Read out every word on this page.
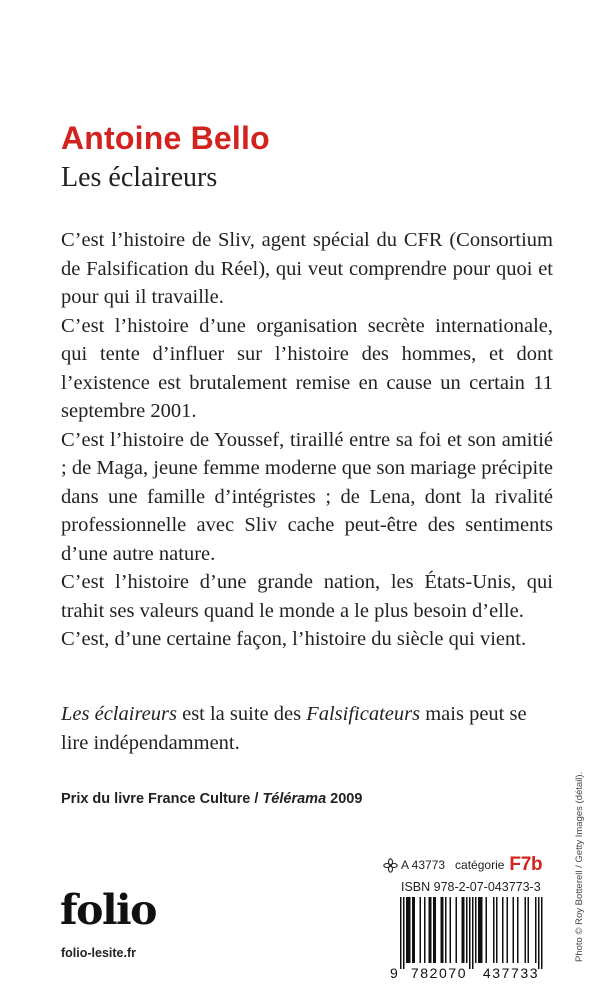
Antoine Bello
Les éclaireurs

C’est l’histoire de Sliv, agent spécial du CFR (Consortium de Falsification du Réel), qui veut comprendre pour quoi et pour qui il travaille.

C’est l’histoire d’une organisation secrète internationale, qui tente d’influer sur l’histoire des hommes, et dont l’existence est brutalement remise en cause un certain 11 septembre 2001.

C’est l’histoire de Youssef, tiraillé entre sa foi et son amitié ; de Maga, jeune femme moderne que son mariage précipite dans une famille d’intégristes ; de Lena, dont la rivalité professionnelle avec Sliv cache peut-être des sentiments d’une autre nature.

C’est l’histoire d’une grande nation, les États-Unis, qui trahit ses valeurs quand le monde a le plus besoin d’elle.

C’est, d’une certaine façon, l’histoire du siècle qui vient.

Les éclaireurs est la suite des Falsificateurs mais peut se lire indépendamment.
Prix du livre France Culture / Télérama 2009
A 43773 catégorie F7b
ISBN 978-2-07-043773-3
9 782070	437733
folio
folio-lesite.fr	Photo © Roy Botterell / Getty Images (détail).
